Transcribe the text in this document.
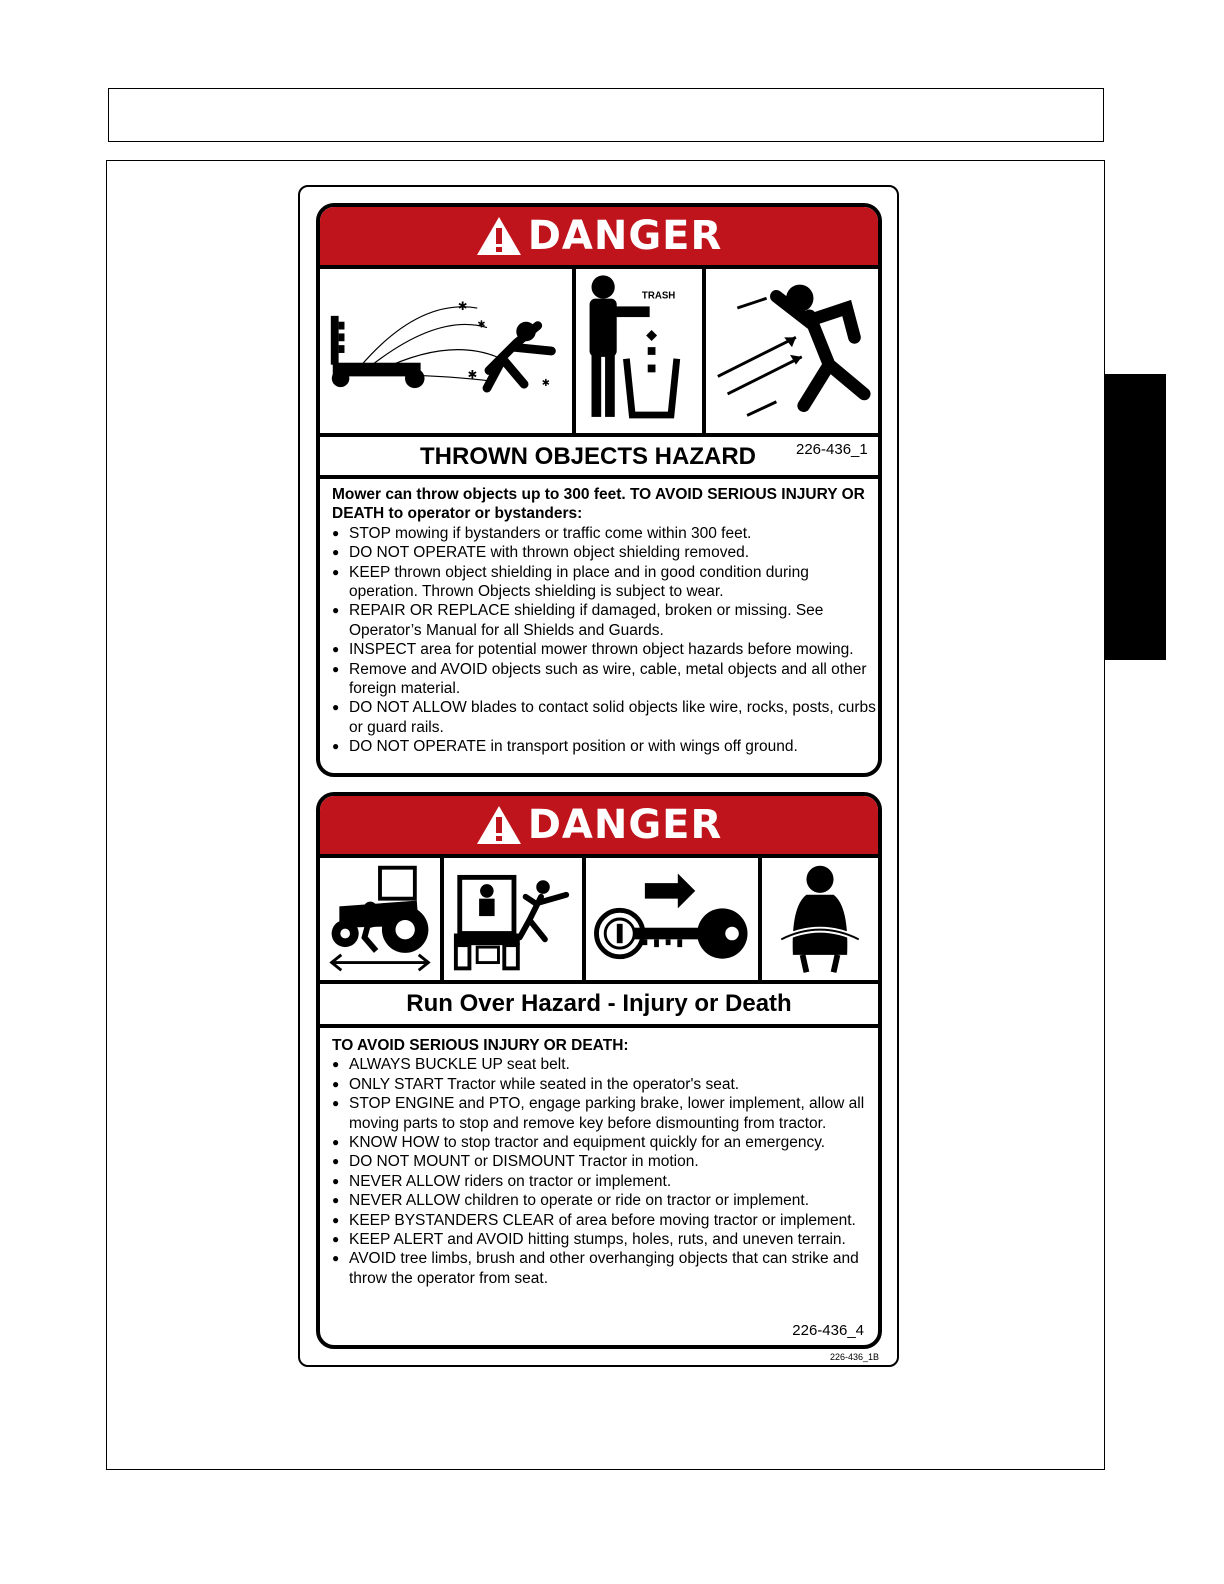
DANGER
✱
✱
✱
✱
TRASH
THROWN OBJECTS HAZARD	226-436_1
Mower can throw objects up to 300 feet. TO AVOID SERIOUS INJURY OR DEATH to operator or bystanders:
● STOP mowing if bystanders or traffic come within 300 feet.
● DO NOT OPERATE with thrown object shielding removed.
● KEEP thrown object shielding in place and in good condition during operation. Thrown Objects shielding is subject to wear.
● REPAIR OR REPLACE shielding if damaged, broken or missing. See Operator’s Manual for all Shields and Guards.
● INSPECT area for potential mower thrown object hazards before mowing.
● Remove and AVOID objects such as wire, cable, metal objects and all other foreign material.
● DO NOT ALLOW blades to contact solid objects like wire, rocks, posts, curbs or guard rails.
● DO NOT OPERATE in transport position or with wings off ground.
DANGER
Run Over Hazard - Injury or Death
TO AVOID SERIOUS INJURY OR DEATH:
● ALWAYS BUCKLE UP seat belt.
● ONLY START Tractor while seated in the operator's seat.
● STOP ENGINE and PTO, engage parking brake, lower implement, allow all moving parts to stop and remove key before dismounting from tractor.
● KNOW HOW to stop tractor and equipment quickly for an emergency.
● DO NOT MOUNT or DISMOUNT Tractor in motion.
● NEVER ALLOW riders on tractor or implement.
● NEVER ALLOW children to operate or ride on tractor or implement.
● KEEP BYSTANDERS CLEAR of area before moving tractor or implement.
● KEEP ALERT and AVOID hitting stumps, holes, ruts, and uneven terrain.
● AVOID tree limbs, brush and other overhanging objects that can strike and throw the operator from seat.
226-436_4
226-436_1B
